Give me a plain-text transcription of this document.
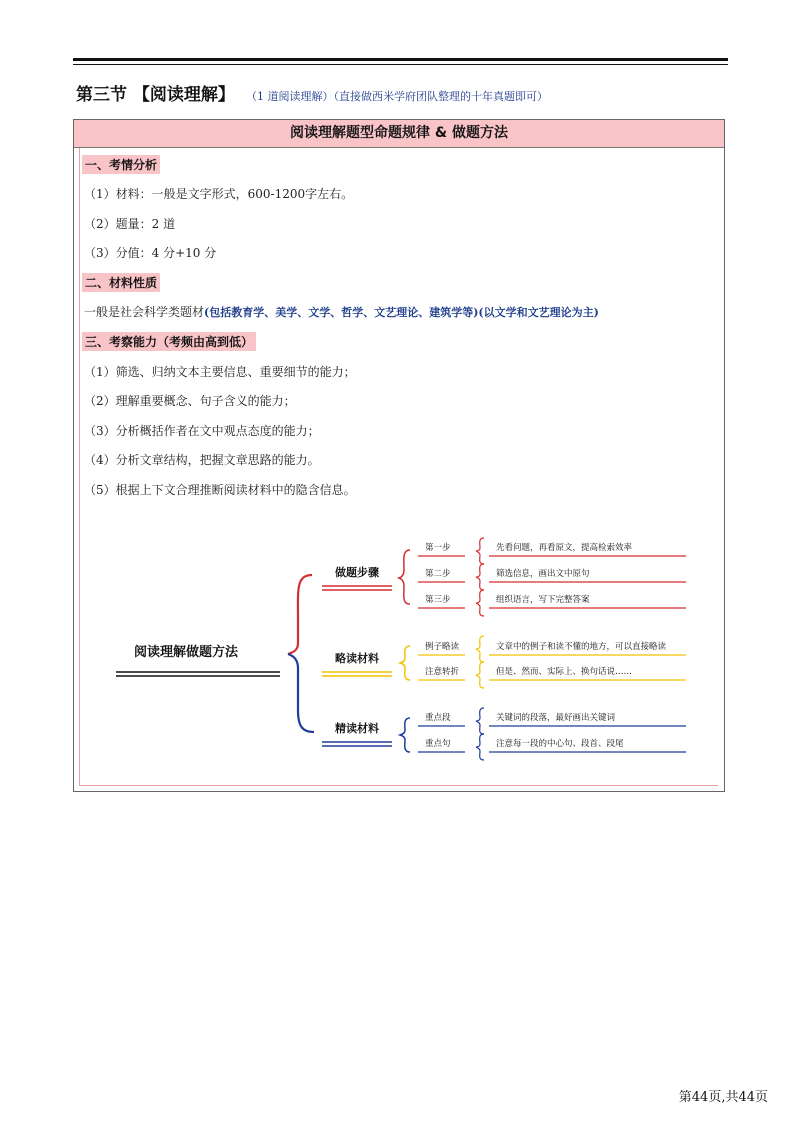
第三节 【阅读理解】 （1 道阅读理解）（直接做西米学府团队整理的十年真题即可）
阅读理解题型命题规律 & 做题方法
一、考情分析
（1）材料：一般是文字形式，600-1200字左右。
（2）题量：2 道
（3）分值：4 分+10 分
二、材料性质
一般是社会科学类题材(包括教育学、美学、文学、哲学、文艺理论、建筑学等)(以文学和文艺理论为主)
三、考察能力（考频由高到低）
（1）筛选、归纳文本主要信息、重要细节的能力；
（2）理解重要概念、句子含义的能力；
（3）分析概括作者在文中观点态度的能力；
（4）分析文章结构，把握文章思路的能力。
（5）根据上下文合理推断阅读材料中的隐含信息。
阅读理解做题方法
做题步骤
第一步
第二步
第三步
先看问题，再看原文，提高检索效率
筛选信息，画出文中原句
组织语言，写下完整答案
略读材料
例子略读
注意转折
文章中的例子和读不懂的地方，可以直接略读
但是、然而、实际上、换句话说……
精读材料
重点段
重点句
关键词的段落，最好画出关键词
注意每一段的中心句、段首、段尾
第44页,共44页
